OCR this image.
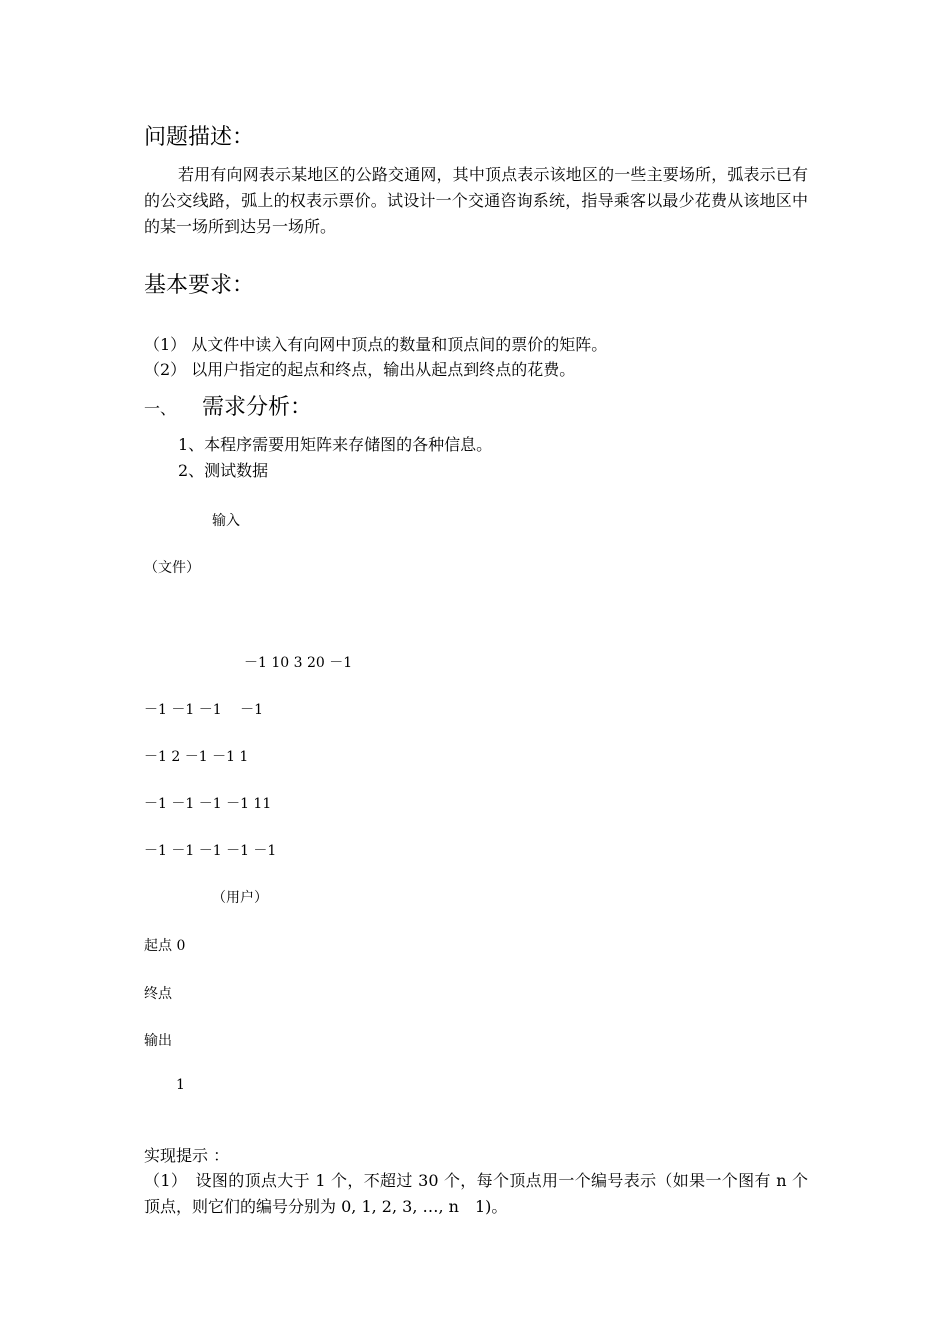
问题描述：

若用有向网表示某地区的公路交通网，其中顶点表示该地区的一些主要场所，弧表示已有的公交线路，弧上的权表示票价。试设计一个交通咨询系统，指导乘客以最少花费从该地区中的某一场所到达另一场所。

基本要求：
（1） 从文件中读入有向网中顶点的数量和顶点间的票价的矩阵。
（2） 以用户指定的起点和终点，输出从起点到终点的花费。
一、 需求分析：
1、本程序需要用矩阵来存储图的各种信息。
2、测试数据
输入
（文件）
－1 10 3 20 －1
－1 －1 －1 　－1
－1 2 －1 －1 1
－1 －1 －1 －1 11
－1 －1 －1 －1 －1
（用户）
起点 0
终点
输出
1
实现提示 ：

（1）　设图的顶点大于 1 个，不超过 30 个，每个顶点用一个编号表示（如果一个图有 n 个顶点，则它们的编号分别为 0, 1, 2, 3, …, n　1)。
